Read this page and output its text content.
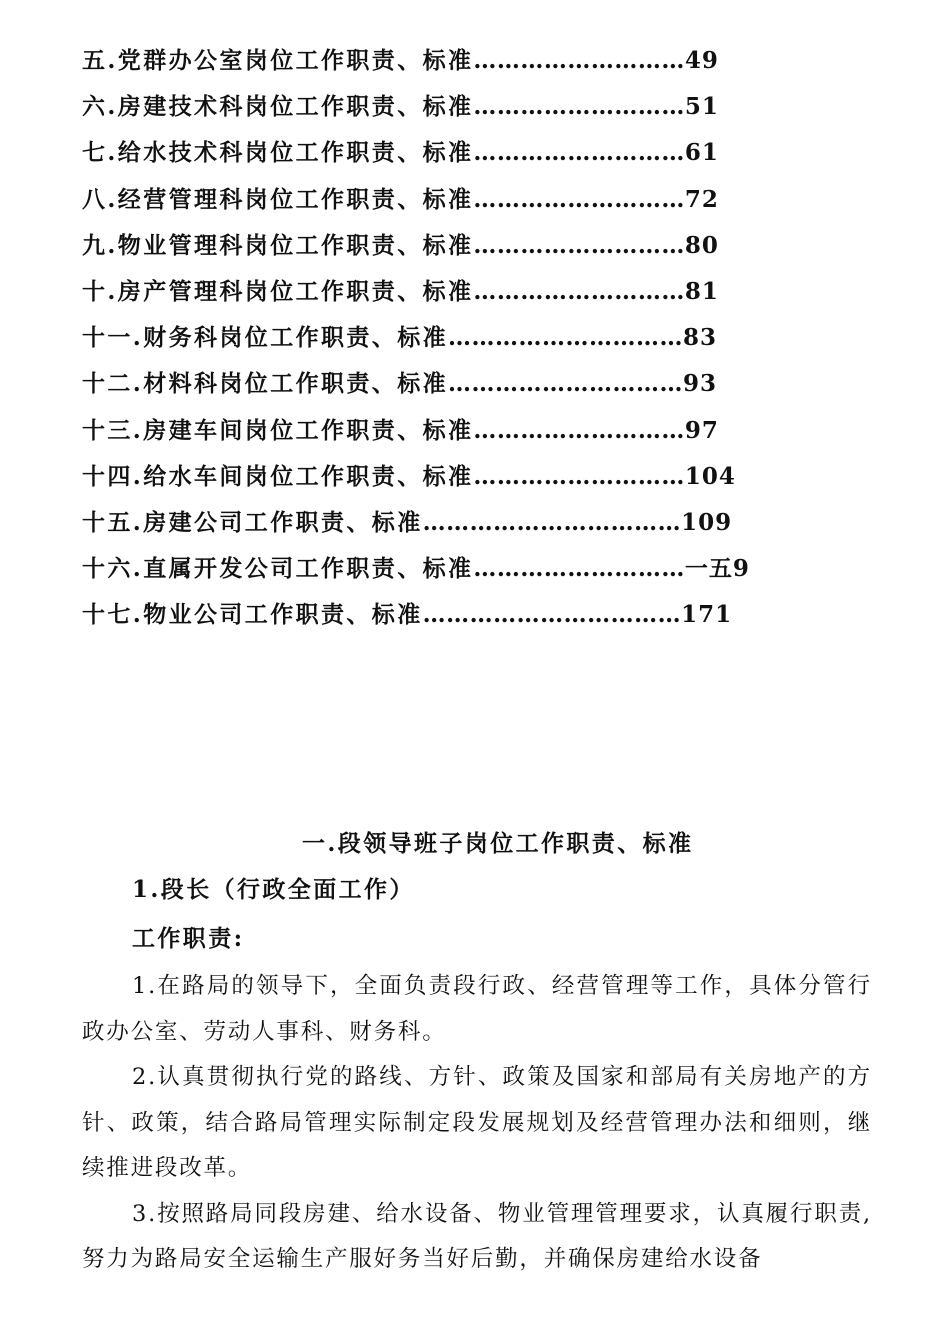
五.党群办公室岗位工作职责、标准………………………49
六.房建技术科岗位工作职责、标准………………………51
七.给水技术科岗位工作职责、标准………………………61
八.经营管理科岗位工作职责、标准………………………72
九.物业管理科岗位工作职责、标准………………………80
十.房产管理科岗位工作职责、标准………………………81
十一.财务科岗位工作职责、标准…………………………83
十二.材料科岗位工作职责、标准…………………………93
十三.房建车间岗位工作职责、标准………………………97
十四.给水车间岗位工作职责、标准………………………104
十五.房建公司工作职责、标准……………………………109
十六.直属开发公司工作职责、标准………………………一五9
十七.物业公司工作职责、标准……………………………171
一.段领导班子岗位工作职责、标准
1.段长（行政全面工作）
工作职责:

1.在路局的领导下，全面负责段行政、经营管理等工作，具体分管行政办公室、劳动人事科、财务科。

2.认真贯彻执行党的路线、方针、政策及国家和部局有关房地产的方针、政策，结合路局管理实际制定段发展规划及经营管理办法和细则，继续推进段改革。

3.按照路局同段房建、给水设备、物业管理管理要求，认真履行职责,努力为路局安全运输生产服好务当好后勤，并确保房建给水设备
